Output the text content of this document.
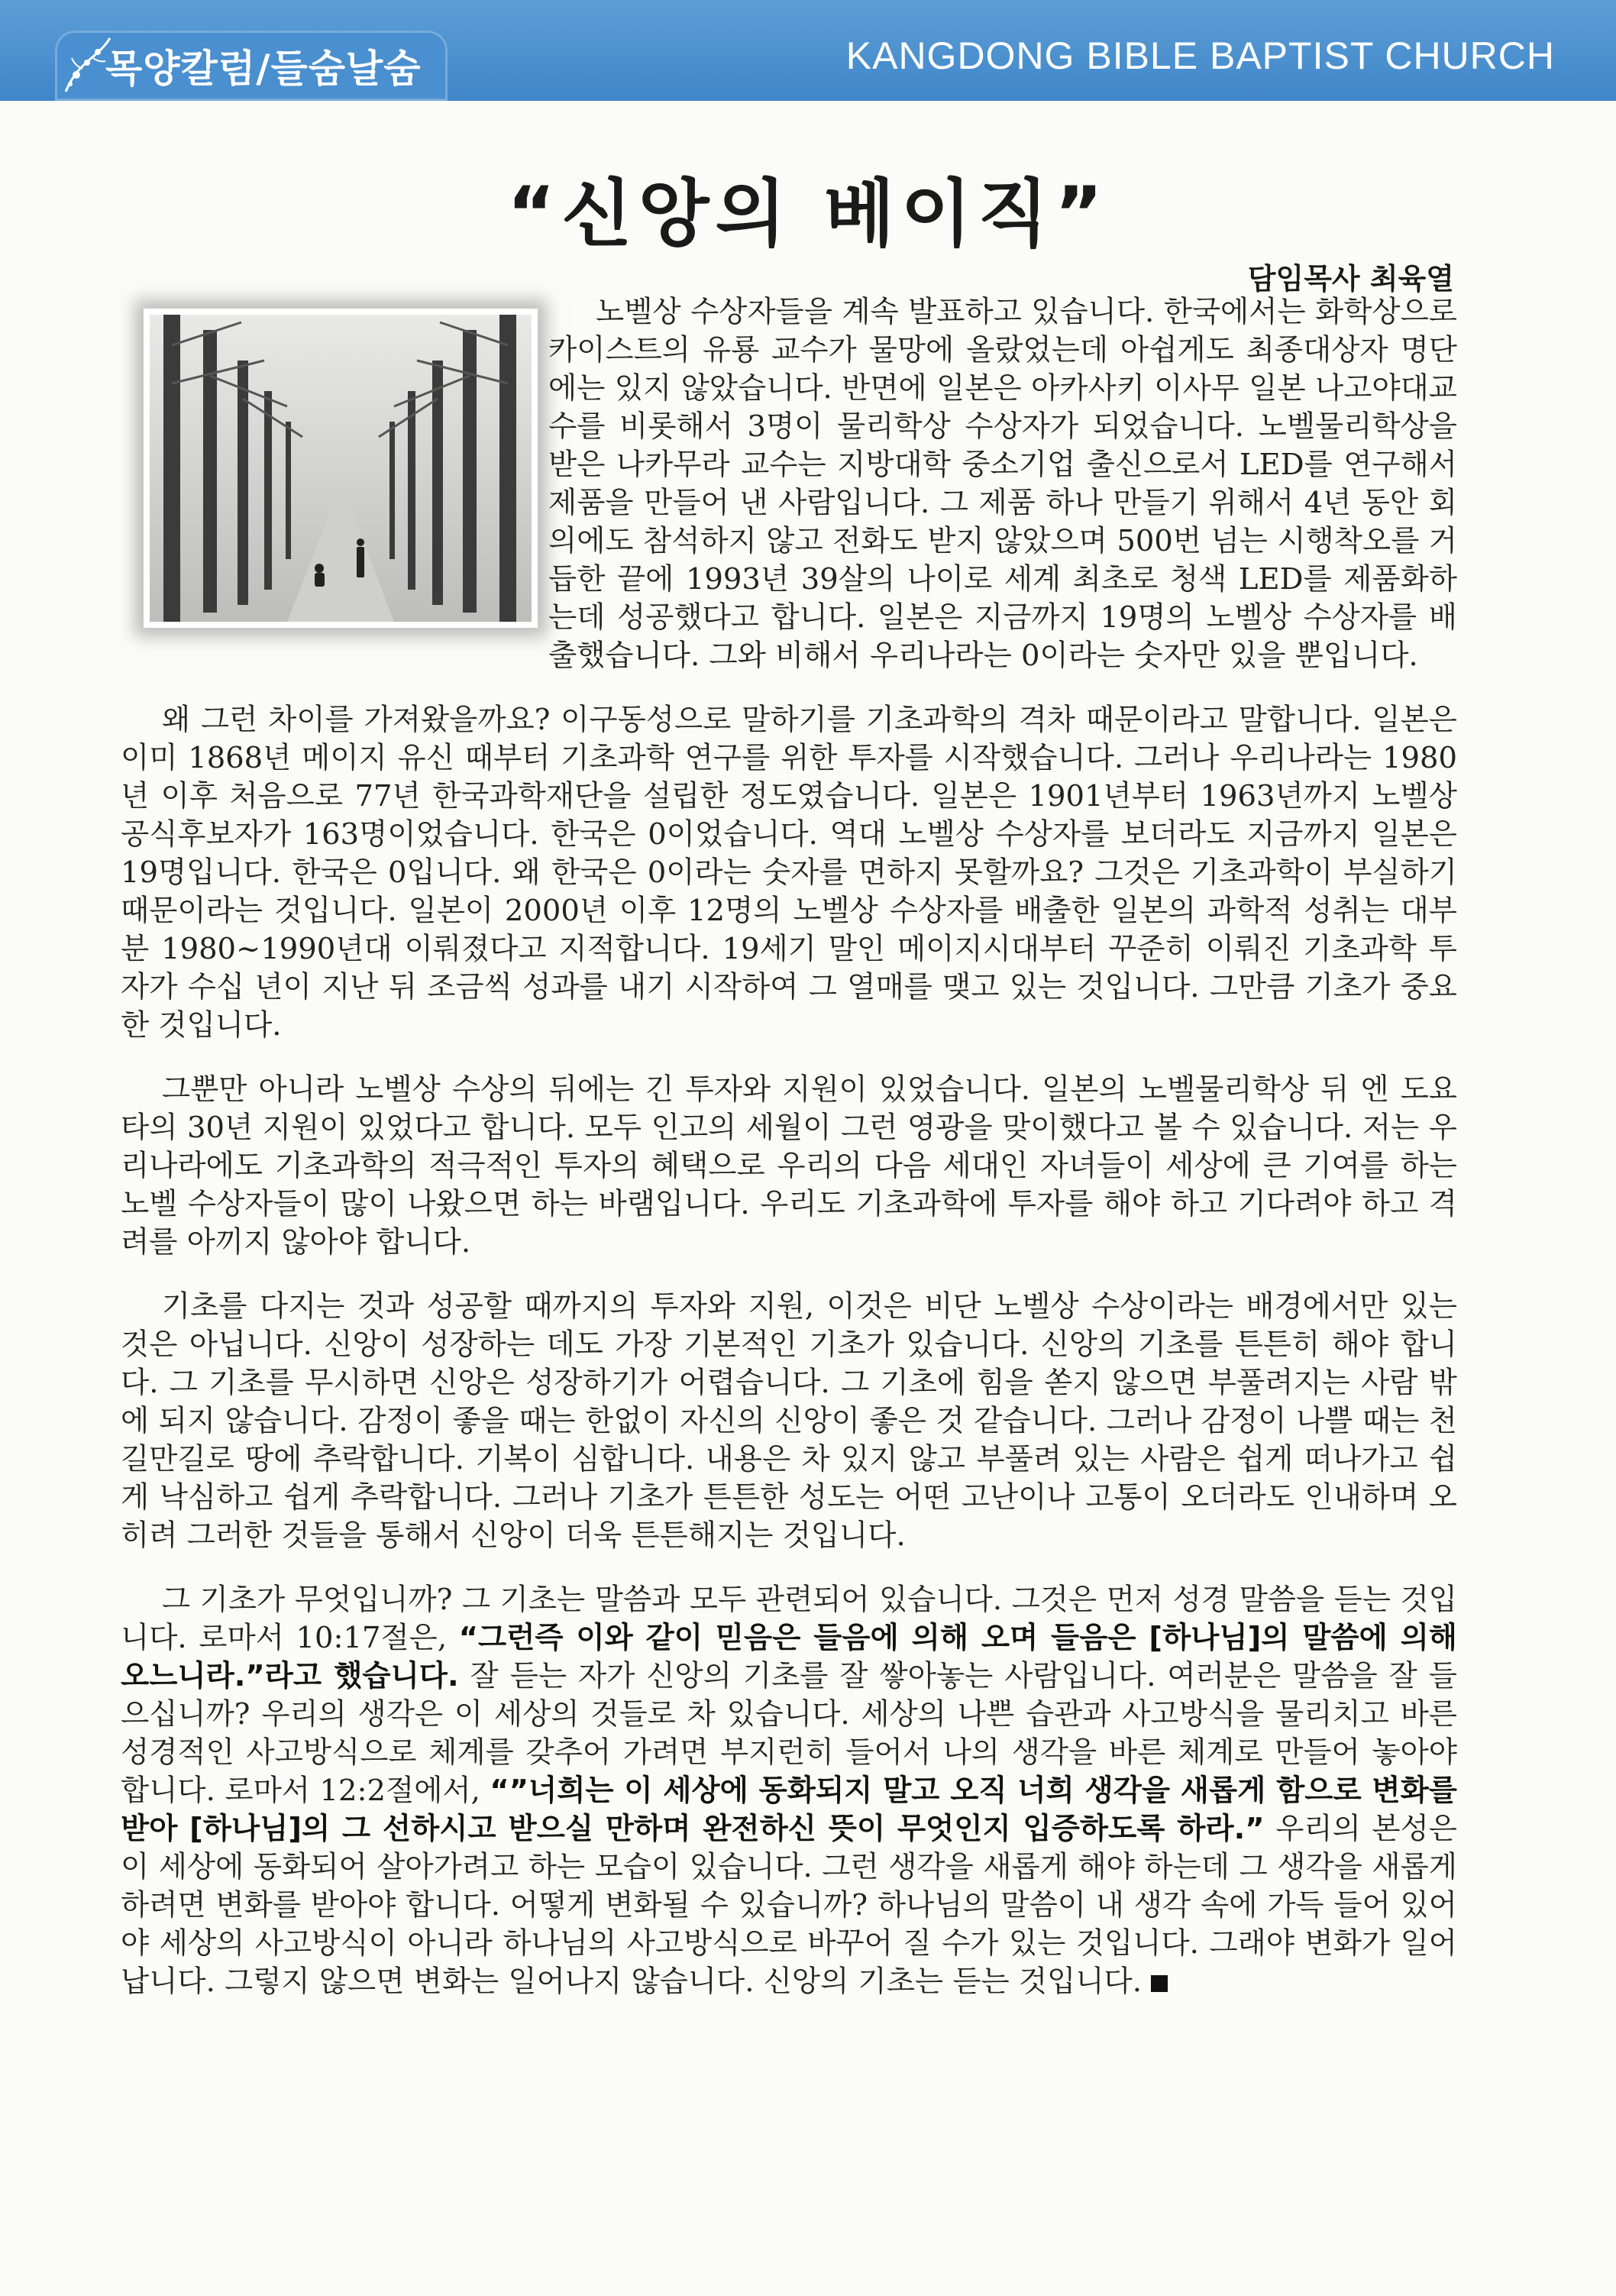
목양칼럼/들숨날숨	KANGDONG BIBLE BAPTIST CHURCH
“신앙의 베이직”
담임목사 최육열

노벨상 수상자들을 계속 발표하고 있습니다. 한국에서는 화학상으로 카이스트의 유룡 교수가 물망에 올랐었는데 아쉽게도 최종대상자 명단에는 있지 않았습니다. 반면에 일본은 아카사키 이사무 일본 나고야대교수를 비롯해서 3명이 물리학상 수상자가 되었습니다. 노벨물리학상을 받은 나카무라 교수는 지방대학 중소기업 출신으로서 LED를 연구해서 제품을 만들어 낸 사람입니다. 그 제품 하나 만들기 위해서 4년 동안 회의에도 참석하지 않고 전화도 받지 않았으며 500번 넘는 시행착오를 거듭한 끝에 1993년 39살의 나이로 세계 최초로 청색 LED를 제품화하는데 성공했다고 합니다. 일본은 지금까지 19명의 노벨상 수상자를 배출했습니다. 그와 비해서 우리나라는 0이라는 숫자만 있을 뿐입니다.

왜 그런 차이를 가져왔을까요? 이구동성으로 말하기를 기초과학의 격차 때문이라고 말합니다. 일본은 이미 1868년 메이지 유신 때부터 기초과학 연구를 위한 투자를 시작했습니다. 그러나 우리나라는 1980년 이후 처음으로 77년 한국과학재단을 설립한 정도였습니다. 일본은 1901년부터 1963년까지 노벨상 공식후보자가 163명이었습니다. 한국은 0이었습니다. 역대 노벨상 수상자를 보더라도 지금까지 일본은 19명입니다. 한국은 0입니다. 왜 한국은 0이라는 숫자를 면하지 못할까요? 그것은 기초과학이 부실하기 때문이라는 것입니다. 일본이 2000년 이후 12명의 노벨상 수상자를 배출한 일본의 과학적 성취는 대부분 1980~1990년대 이뤄졌다고 지적합니다. 19세기 말인 메이지시대부터 꾸준히 이뤄진 기초과학 투자가 수십 년이 지난 뒤 조금씩 성과를 내기 시작하여 그 열매를 맺고 있는 것입니다. 그만큼 기초가 중요한 것입니다.

그뿐만 아니라 노벨상 수상의 뒤에는 긴 투자와 지원이 있었습니다. 일본의 노벨물리학상 뒤 엔 도요타의 30년 지원이 있었다고 합니다. 모두 인고의 세월이 그런 영광을 맞이했다고 볼 수 있습니다. 저는 우리나라에도 기초과학의 적극적인 투자의 혜택으로 우리의 다음 세대인 자녀들이 세상에 큰 기여를 하는 노벨 수상자들이 많이 나왔으면 하는 바램입니다. 우리도 기초과학에 투자를 해야 하고 기다려야 하고 격려를 아끼지 않아야 합니다.

기초를 다지는 것과 성공할 때까지의 투자와 지원, 이것은 비단 노벨상 수상이라는 배경에서만 있는 것은 아닙니다. 신앙이 성장하는 데도 가장 기본적인 기초가 있습니다. 신앙의 기초를 튼튼히 해야 합니다. 그 기초를 무시하면 신앙은 성장하기가 어렵습니다. 그 기초에 힘을 쏟지 않으면 부풀려지는 사람 밖에 되지 않습니다. 감정이 좋을 때는 한없이 자신의 신앙이 좋은 것 같습니다. 그러나 감정이 나쁠 때는 천길만길로 땅에 추락합니다. 기복이 심합니다. 내용은 차 있지 않고 부풀려 있는 사람은 쉽게 떠나가고 쉽게 낙심하고 쉽게 추락합니다. 그러나 기초가 튼튼한 성도는 어떤 고난이나 고통이 오더라도 인내하며 오히려 그러한 것들을 통해서 신앙이 더욱 튼튼해지는 것입니다.

그 기초가 무엇입니까? 그 기초는 말씀과 모두 관련되어 있습니다. 그것은 먼저 성경 말씀을 듣는 것입니다. 로마서 10:17절은, “그런즉 이와 같이 믿음은 들음에 의해 오며 들음은 [하나님]의 말씀에 의해 오느니라.”라고 했습니다. 잘 듣는 자가 신앙의 기초를 잘 쌓아놓는 사람입니다. 여러분은 말씀을 잘 들으십니까? 우리의 생각은 이 세상의 것들로 차 있습니다. 세상의 나쁜 습관과 사고방식을 물리치고 바른 성경적인 사고방식으로 체계를 갖추어 가려면 부지런히 들어서 나의 생각을 바른 체계로 만들어 놓아야 합니다. 로마서 12:2절에서, “”너희는 이 세상에 동화되지 말고 오직 너희 생각을 새롭게 함으로 변화를 받아 [하나님]의 그 선하시고 받으실 만하며 완전하신 뜻이 무엇인지 입증하도록 하라.” 우리의 본성은 이 세상에 동화되어 살아가려고 하는 모습이 있습니다. 그런 생각을 새롭게 해야 하는데 그 생각을 새롭게 하려면 변화를 받아야 합니다. 어떻게 변화될 수 있습니까? 하나님의 말씀이 내 생각 속에 가득 들어 있어야 세상의 사고방식이 아니라 하나님의 사고방식으로 바꾸어 질 수가 있는 것입니다. 그래야 변화가 일어납니다. 그렇지 않으면 변화는 일어나지 않습니다. 신앙의 기초는 듣는 것입니다.
